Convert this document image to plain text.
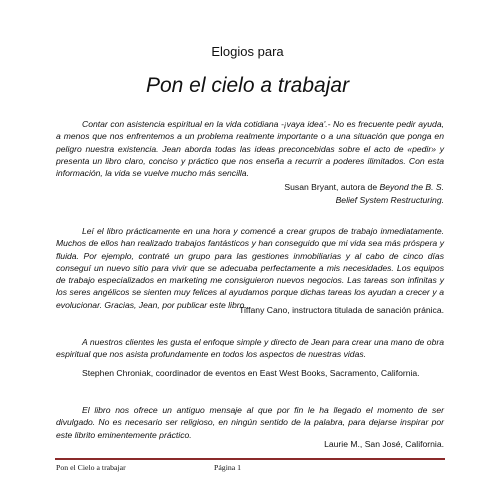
Elogios para
Pon el cielo a trabajar

Contar con asistencia espiritual en la vida cotidiana -¡vaya idea'.- No es frecuente pedir ayuda, a menos que nos enfrentemos a un problema realmente importante o a una situación que ponga en peligro nuestra existencia. Jean aborda todas las ideas preconcebidas sobre el acto de «pedir» y presenta un libro claro, conciso y práctico que nos enseña a recurrir a poderes ilimitados. Con esta información, la vida se vuelve mucho más sencilla.

Susan Bryant, autora de Beyond the B. S.
Belief System Restructuring.

Leí el libro prácticamente en una hora y comencé a crear grupos de trabajo inmediatamente. Muchos de ellos han realizado trabajos fantásticos y han conseguido que mi vida sea más próspera y fluida. Por ejemplo, contraté un grupo para las gestiones inmobiliarias y al cabo de cinco días conseguí un nuevo sitio para vivir que se adecuaba perfectamente a mis necesidades. Los equipos de trabajo especializados en marketing me consiguieron nuevos negocios. Las tareas son infinitas y los seres angélicos se sienten muy felices al ayudamos porque dichas tareas los ayudan a crecer y a evolucionar. Gracias, Jean, por publicar este libro.

Tiffany Cano, instructora titulada de sanación pránica.

A nuestros clientes les gusta el enfoque simple y directo de Jean para crear una mano de obra espiritual que nos asista profundamente en todos los aspectos de nuestras vidas.

Stephen Chroniak, coordinador de eventos en East West Books, Sacramento, California.

El libro nos ofrece un antiguo mensaje al que por fin le ha llegado el momento de ser divulgado. No es necesario ser religioso, en ningún sentido de la palabra, para dejarse inspirar por este librito eminentemente práctico.

Laurie M., San José, California.
Pon el Cielo a trabajar	Página 1
